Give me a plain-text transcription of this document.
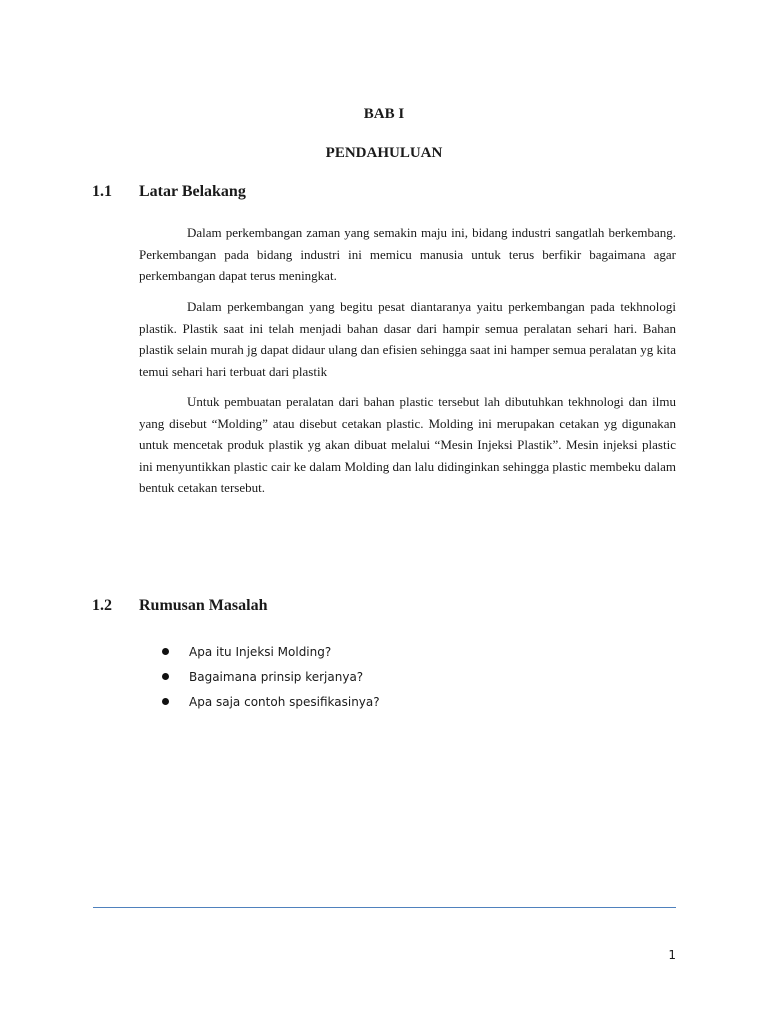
BAB I
PENDAHULUAN
1.1	Latar Belakang

Dalam perkembangan zaman yang semakin maju ini, bidang industri sangatlah berkembang. Perkembangan pada bidang industri ini memicu manusia untuk terus berfikir bagaimana agar perkembangan dapat terus meningkat.

Dalam perkembangan yang begitu pesat diantaranya yaitu perkembangan pada tekhnologi plastik. Plastik saat ini telah menjadi bahan dasar dari hampir semua peralatan sehari hari. Bahan plastik selain murah jg dapat didaur ulang dan efisien sehingga saat ini hamper semua peralatan yg kita temui sehari hari terbuat dari plastik

Untuk pembuatan peralatan dari bahan plastic tersebut lah dibutuhkan tekhnologi dan ilmu yang disebut “Molding” atau disebut cetakan plastic. Molding ini merupakan cetakan yg digunakan untuk mencetak produk plastik yg akan dibuat melalui “Mesin Injeksi Plastik”. Mesin injeksi plastic ini menyuntikkan plastic cair ke dalam Molding dan lalu didinginkan sehingga plastic membeku dalam bentuk cetakan tersebut.

1.2	Rumusan Masalah
Apa itu Injeksi Molding?
Bagaimana prinsip kerjanya?
Apa saja contoh spesifikasinya?
1
